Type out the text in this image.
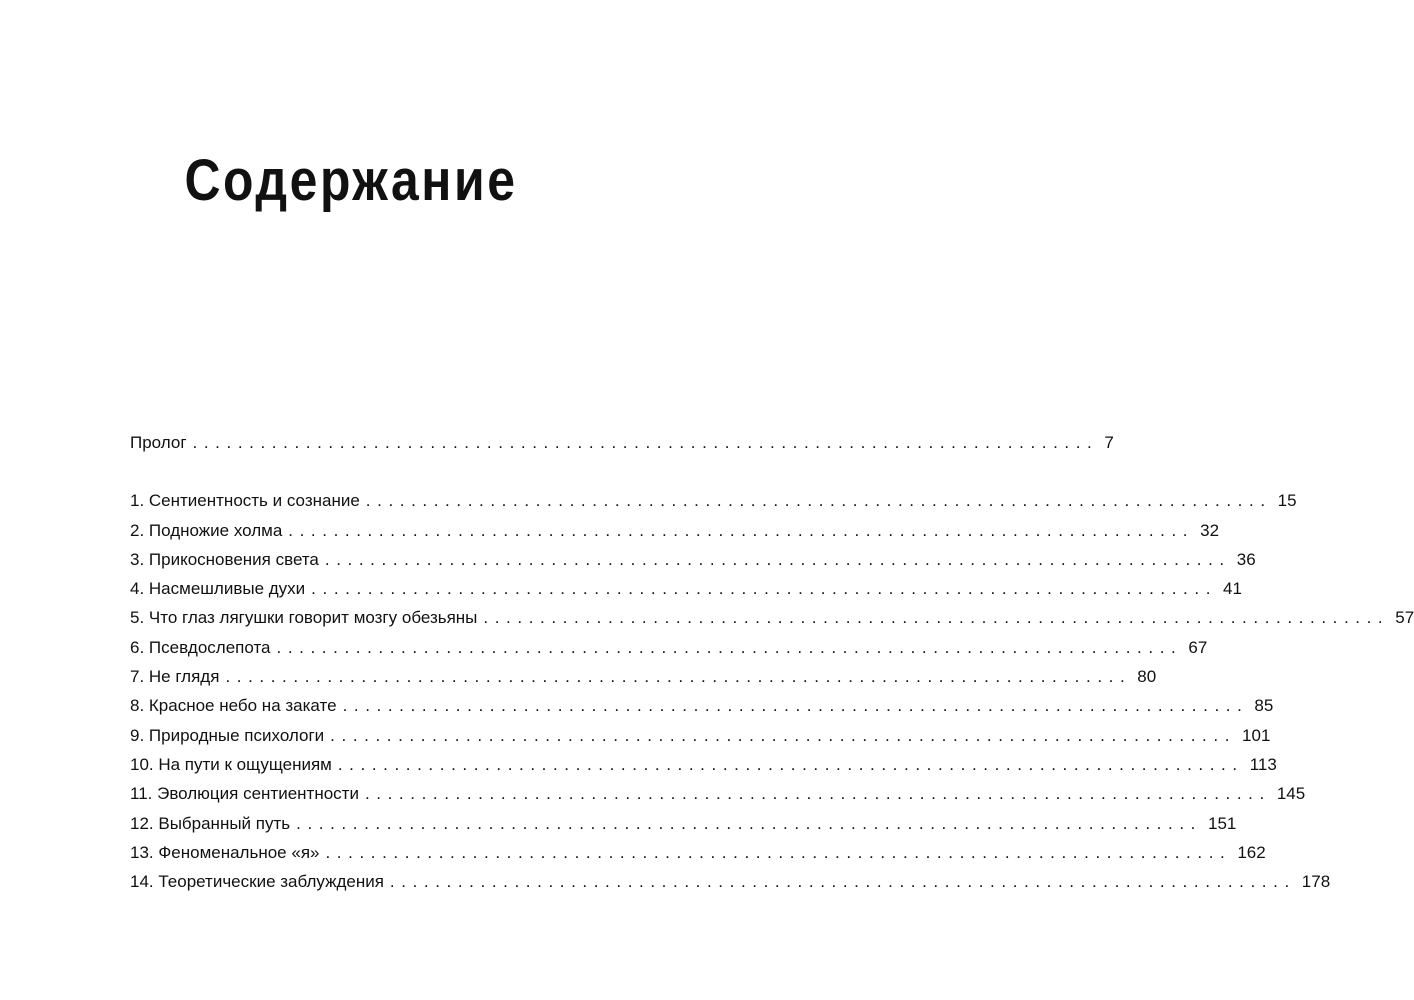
Содержание
Пролог ................................................................................ 7
1. Сентиентность и сознание ................................................................................ 15
2. Подножие холма ................................................................................ 32
3. Прикосновения света ................................................................................ 36
4. Насмешливые духи ................................................................................ 41
5. Что глаз лягушки говорит мозгу обезьяны ................................................................................ 57
6. Псевдослепота ................................................................................ 67
7. Не глядя ................................................................................ 80
8. Красное небо на закате ................................................................................ 85
9. Природные психологи ................................................................................ 101
10. На пути к ощущениям ................................................................................ 113
11. Эволюция сентиентности ................................................................................ 145
12. Выбранный путь ................................................................................ 151
13. Феноменальное «я» ................................................................................ 162
14. Теоретические заблуждения ................................................................................ 178
